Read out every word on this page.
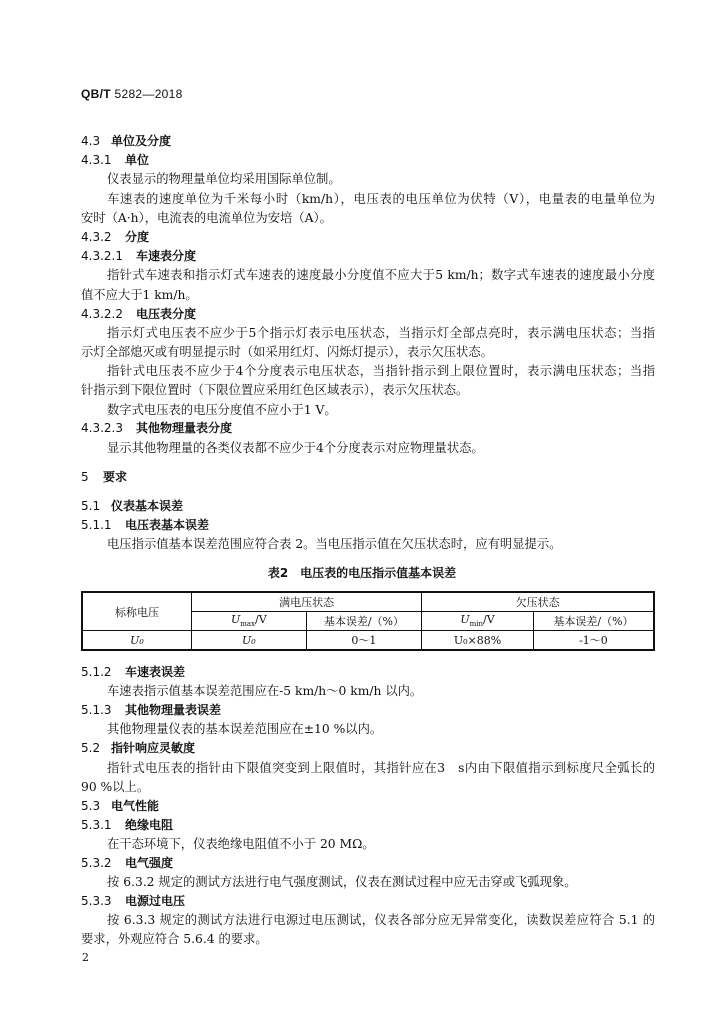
QB/T 5282—2018
4.3 单位及分度
4.3.1 单位
仪表显示的物理量单位均采用国际单位制。
车速表的速度单位为千米每小时（km/h），电压表的电压单位为伏特（V），电量表的电量单位为
安时（A·h），电流表的电流单位为安培（A）。
4.3.2 分度
4.3.2.1 车速表分度
指针式车速表和指示灯式车速表的速度最小分度值不应大于5 km/h；数字式车速表的速度最小分度
值不应大于1 km/h。
4.3.2.2 电压表分度
指示灯式电压表不应少于5个指示灯表示电压状态，当指示灯全部点亮时，表示满电压状态；当指
示灯全部熄灭或有明显提示时（如采用红灯、闪烁灯提示），表示欠压状态。
指针式电压表不应少于4个分度表示电压状态，当指针指示到上限位置时，表示满电压状态；当指
针指示到下限位置时（下限位置应采用红色区域表示），表示欠压状态。
数字式电压表的电压分度值不应小于1 V。
4.3.2.3 其他物理量表分度
显示其他物理量的各类仪表都不应少于4个分度表示对应物理量状态。
5 要求
5.1 仪表基本误差
5.1.1 电压表基本误差
电压指示值基本误差范围应符合表 2。当电压指示值在欠压状态时，应有明显提示。
表2　电压表的电压指示值基本误差
标称电压	满电压状态		欠压状态	
	$U_{max}/V$	基本误差/（%）	$U_{min}/V$	基本误差/（%）
U₀	U₀	0～1	U₀×88%	-1～0
5.1.2 车速表误差
车速表指示值基本误差范围应在-5 km/h～0 km/h 以内。
5.1.3 其他物理量表误差
其他物理量仪表的基本误差范围应在±10 %以内。
5.2 指针响应灵敏度
指针式电压表的指针由下限值突变到上限值时，其指针应在3　s内由下限值指示到标度尺全弧长的
90 %以上。
5.3 电气性能
5.3.1 绝缘电阻
在干态环境下，仪表绝缘电阻值不小于 20 MΩ。
5.3.2 电气强度
按 6.3.2 规定的测试方法进行电气强度测试，仪表在测试过程中应无击穿或飞弧现象。
5.3.3 电源过电压
按 6.3.3 规定的测试方法进行电源过电压测试，仪表各部分应无异常变化，读数误差应符合 5.1 的
要求，外观应符合 5.6.4 的要求。
2
